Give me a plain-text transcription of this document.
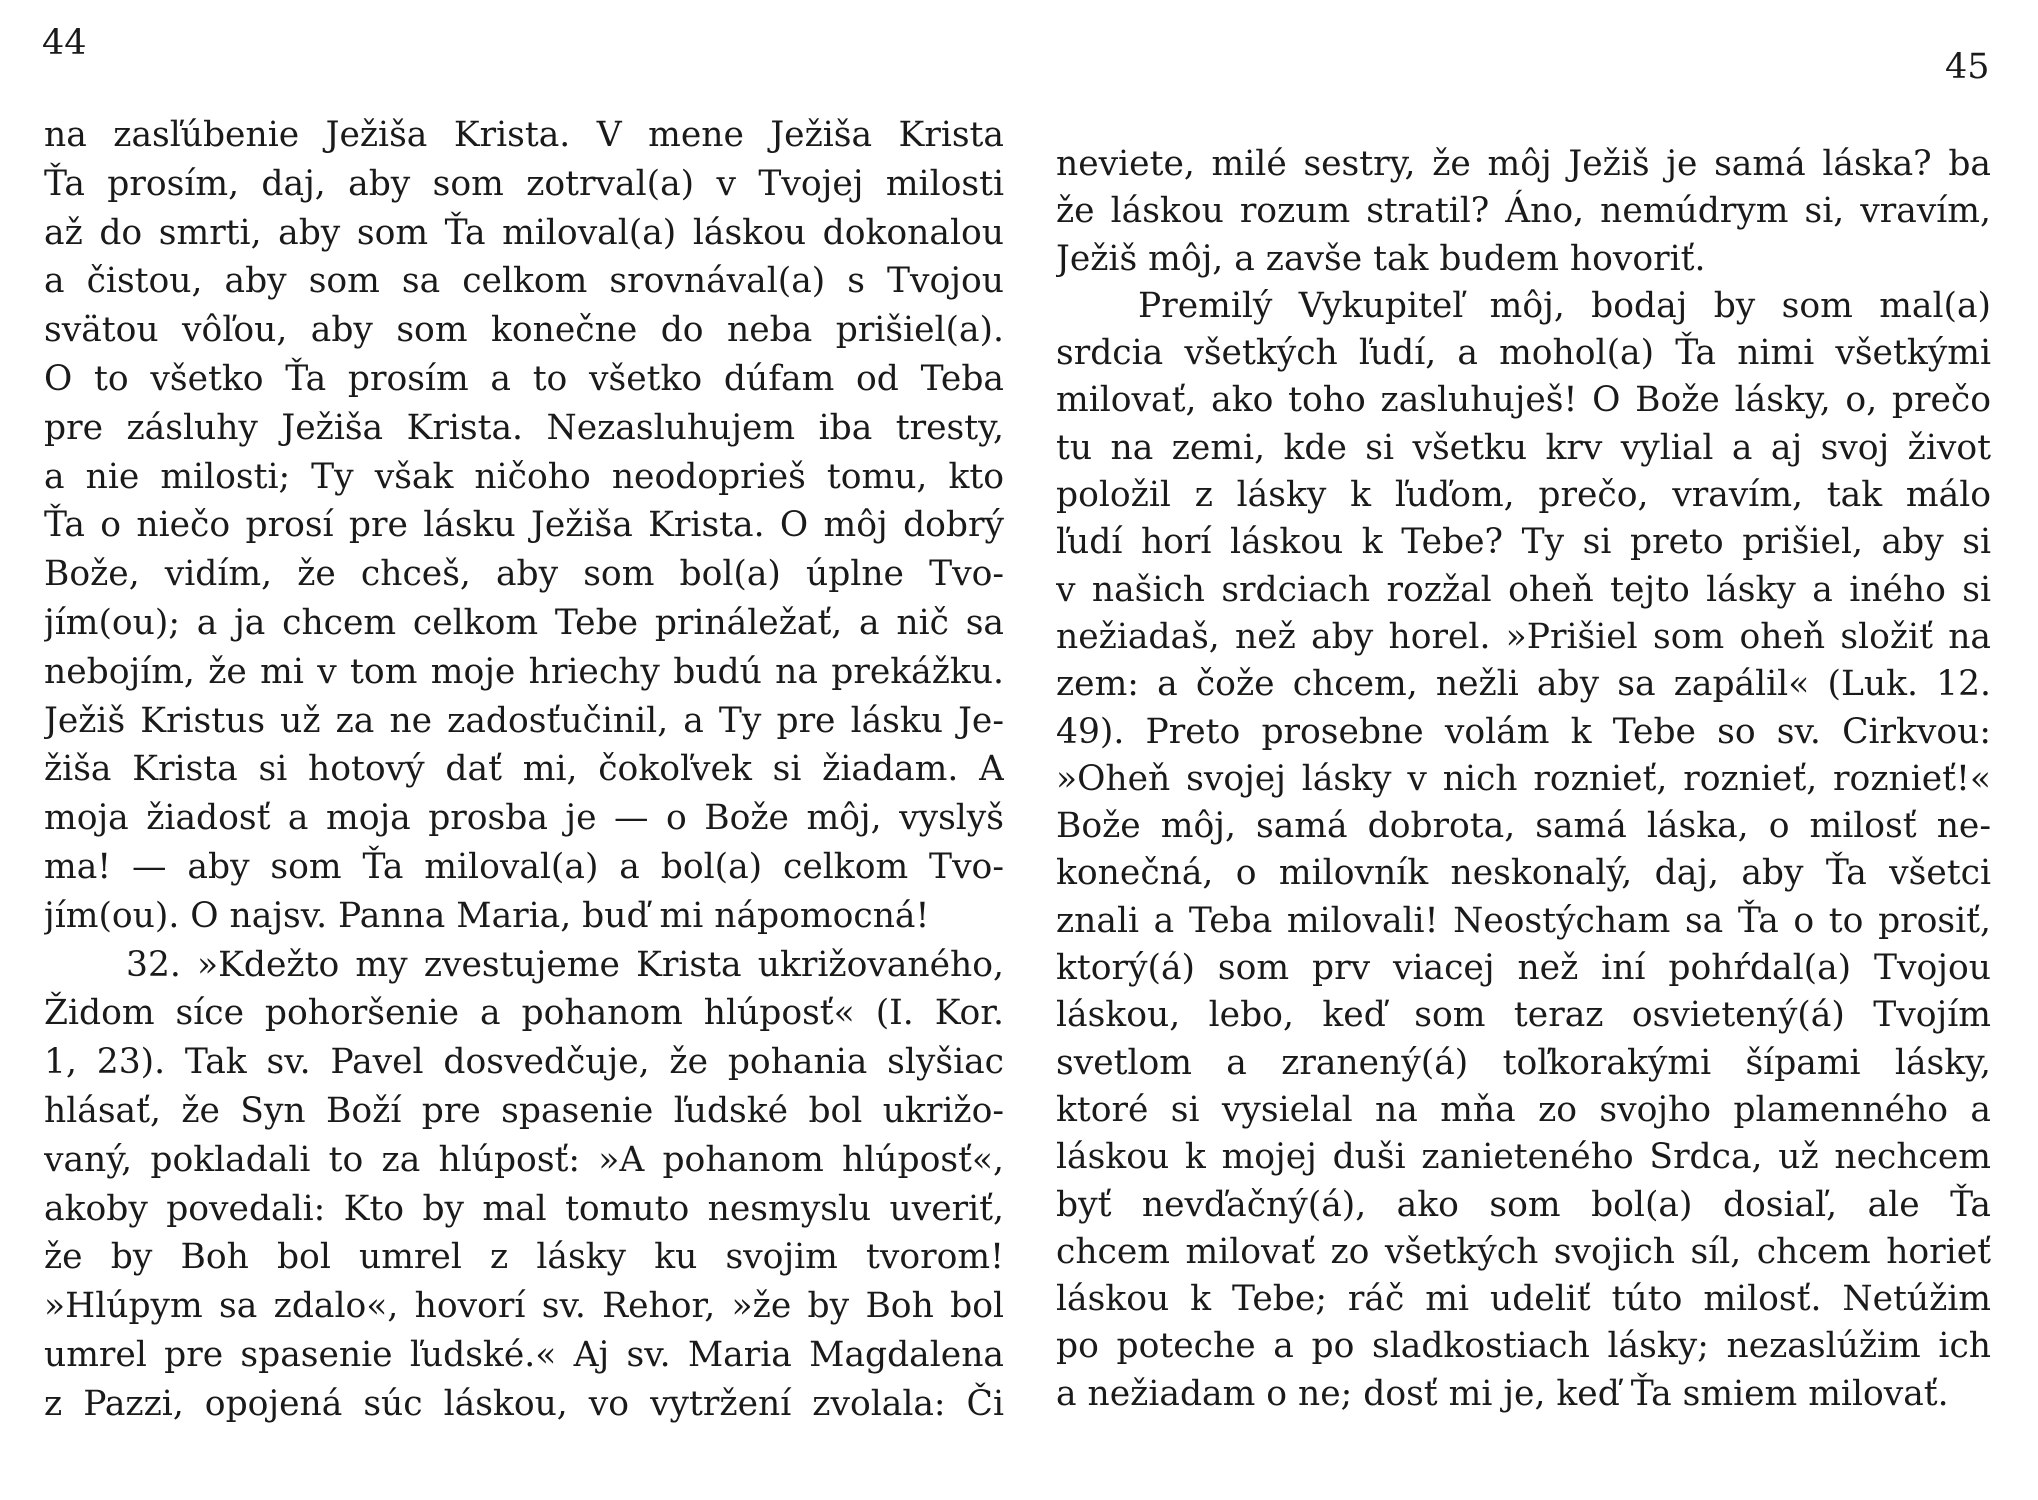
44
45
na zasľúbenie Ježiša Krista. V mene Ježiša Krista
Ťa prosím, daj, aby som zotrval(a) v Tvojej milosti
až do smrti, aby som Ťa miloval(a) láskou dokonalou
a čistou, aby som sa celkom srovnával(a) s Tvojou
svätou vôľou, aby som konečne do neba prišiel(a).
O to všetko Ťa prosím a to všetko dúfam od Teba
pre zásluhy Ježiša Krista. Nezasluhujem iba tresty,
a nie milosti; Ty však ničoho neodoprieš tomu, kto
Ťa o niečo prosí pre lásku Ježiša Krista. O môj dobrý
Bože, vidím, že chceš, aby som bol(a) úplne Tvo-
jím(ou); a ja chcem celkom Tebe prináležať, a nič sa
nebojím, že mi v tom moje hriechy budú na prekážku.
Ježiš Kristus už za ne zadosťučinil, a Ty pre lásku Je-
žiša Krista si hotový dať mi, čokoľvek si žiadam. A
moja žiadosť a moja prosba je — o Bože môj, vyslyš
ma! — aby som Ťa miloval(a) a bol(a) celkom Tvo-
jím(ou). O najsv. Panna Maria, buď mi nápomocná!
32. »Kdežto my zvestujeme Krista ukrižovaného,
Židom síce pohoršenie a pohanom hlúposť« (I. Kor.
1, 23). Tak sv. Pavel dosvedčuje, že pohania slyšiac
hlásať, že Syn Boží pre spasenie ľudské bol ukrižo-
vaný, pokladali to za hlúposť: »A pohanom hlúposť«,
akoby povedali: Kto by mal tomuto nesmyslu uveriť,
že by Boh bol umrel z lásky ku svojim tvorom!
»Hlúpym sa zdalo«, hovorí sv. Rehor, »že by Boh bol
umrel pre spasenie ľudské.« Aj sv. Maria Magdalena
z Pazzi, opojená súc láskou, vo vytržení zvolala: Či
neviete, milé sestry, že môj Ježiš je samá láska? ba
že láskou rozum stratil? Áno, nemúdrym si, vravím,
Ježiš môj, a zavše tak budem hovoriť.
Premilý Vykupiteľ môj, bodaj by som mal(a)
srdcia všetkých ľudí, a mohol(a) Ťa nimi všetkými
milovať, ako toho zasluhuješ! O Bože lásky, o, prečo
tu na zemi, kde si všetku krv vylial a aj svoj život
položil z lásky k ľuďom, prečo, vravím, tak málo
ľudí horí láskou k Tebe? Ty si preto prišiel, aby si
v našich srdciach rozžal oheň tejto lásky a iného si
nežiadaš, než aby horel. »Prišiel som oheň složiť na
zem: a čože chcem, nežli aby sa zapálil« (Luk. 12.
49). Preto prosebne volám k Tebe so sv. Cirkvou:
»Oheň svojej lásky v nich roznieť, roznieť, roznieť!«
Bože môj, samá dobrota, samá láska, o milosť ne-
konečná, o milovník neskonalý, daj, aby Ťa všetci
znali a Teba milovali! Neostýcham sa Ťa o to prosiť,
ktorý(á) som prv viacej než iní pohŕdal(a) Tvojou
láskou, lebo, keď som teraz osvietený(á) Tvojím
svetlom a zranený(á) toľkorakými šípami lásky,
ktoré si vysielal na mňa zo svojho plamenného a
láskou k mojej duši zanieteného Srdca, už nechcem
byť nevďačný(á), ako som bol(a) dosiaľ, ale Ťa
chcem milovať zo všetkých svojich síl, chcem horieť
láskou k Tebe; ráč mi udeliť túto milosť. Netúžim
po poteche a po sladkostiach lásky; nezaslúžim ich
a nežiadam o ne; dosť mi je, keď Ťa smiem milovať.
